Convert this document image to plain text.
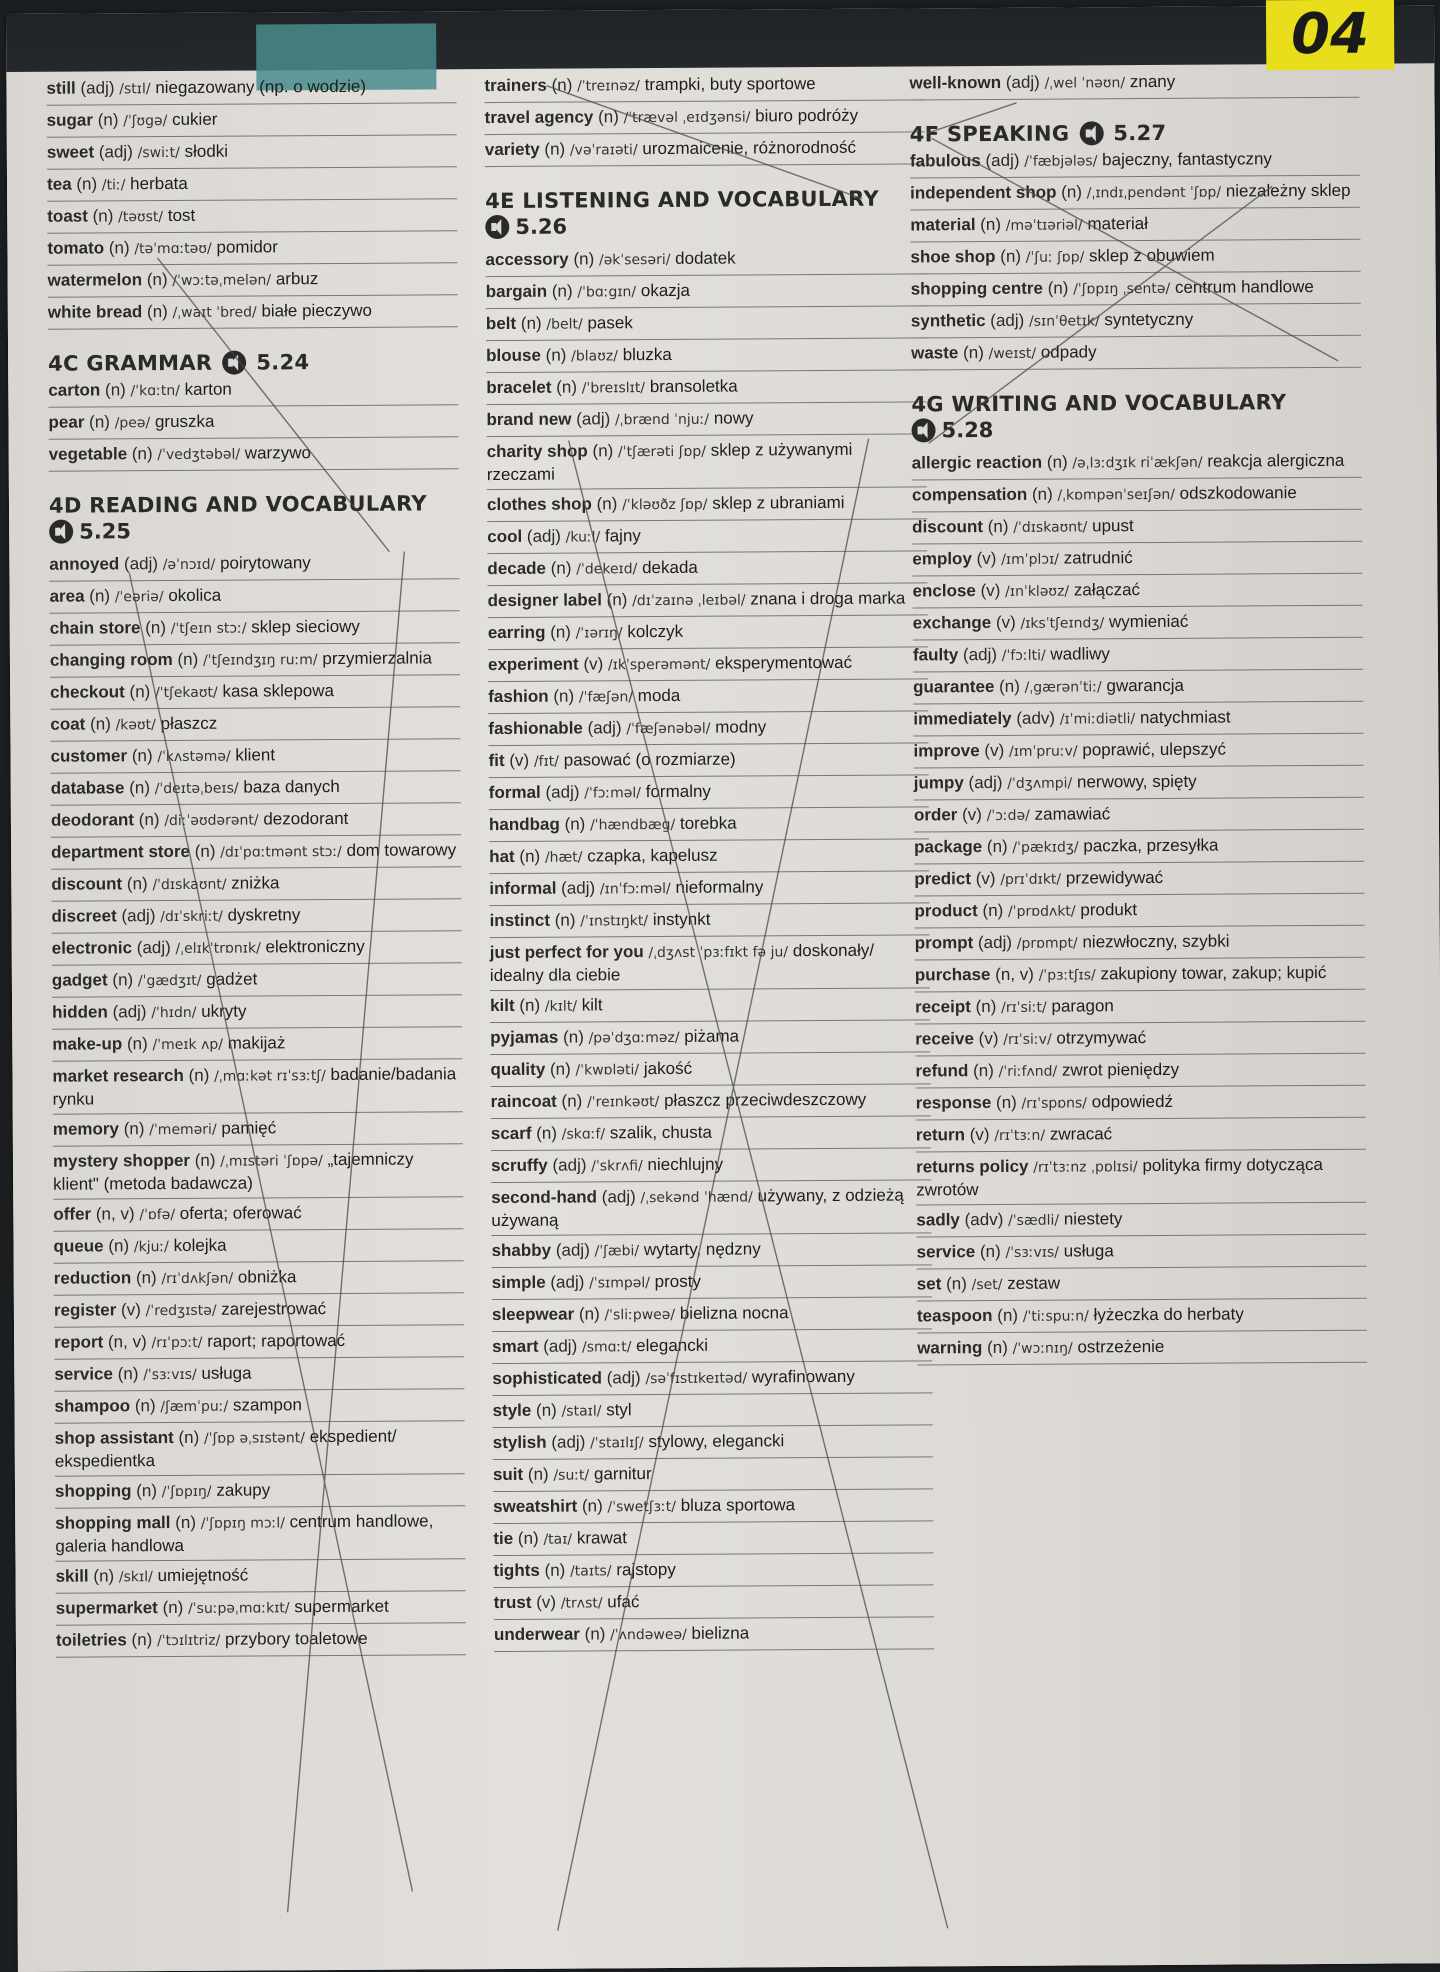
04
still (adj) /stɪl/ niegazowany (np. o wodzie)
sugar (n) /ˈʃʊgə/ cukier
sweet (adj) /swiːt/ słodki
tea (n) /tiː/ herbata
toast (n) /təʊst/ tost
tomato (n) /təˈmɑːtəʊ/ pomidor
watermelon (n) /ˈwɔːtəˌmelən/ arbuz
white bread (n) /ˌwaɪt ˈbred/ białe pieczywo
4C GRAMMAR 5.24
carton (n) /ˈkɑːtn/ karton
pear (n) /peə/ gruszka
vegetable (n) /ˈvedʒtəbəl/ warzywo
4D READING AND VOCABULARY
5.25
annoyed (adj) /əˈnɔɪd/ poirytowany
area (n) /ˈeəriə/ okolica
chain store (n) /ˈtʃeɪn stɔː/ sklep sieciowy
changing room (n) /ˈtʃeɪndʒɪŋ ruːm/ przymierzalnia
checkout (n) /ˈtʃekaʊt/ kasa sklepowa
coat (n) /kəʊt/ płaszcz
customer (n) /ˈkʌstəmə/ klient
database (n) /ˈdeɪtəˌbeɪs/ baza danych
deodorant (n) /diːˈəʊdərənt/ dezodorant
department store (n) /dɪˈpɑːtmənt stɔː/ dom towarowy
discount (n) /ˈdɪskaʊnt/ zniżka
discreet (adj) /dɪˈskriːt/ dyskretny
electronic (adj) /ˌelɪkˈtrɒnɪk/ elektroniczny
gadget (n) /ˈgædʒɪt/ gadżet
hidden (adj) /ˈhɪdn/ ukryty
make-up (n) /ˈmeɪk ʌp/ makijaż
market research (n) /ˌmɑːkət rɪˈsɜːtʃ/ badanie/badania rynku
memory (n) /ˈmeməri/ pamięć
mystery shopper (n) /ˌmɪstəri ˈʃɒpə/ „tajemniczy klient" (metoda badawcza)
offer (n, v) /ˈɒfə/ oferta; oferować
queue (n) /kjuː/ kolejka
reduction (n) /rɪˈdʌkʃən/ obniżka
register (v) /ˈredʒɪstə/ zarejestrować
report (n, v) /rɪˈpɔːt/ raport; raportować
service (n) /ˈsɜːvɪs/ usługa
shampoo (n) /ʃæmˈpuː/ szampon
shop assistant (n) /ˈʃɒp əˌsɪstənt/ ekspedient/ ekspedientka
shopping (n) /ˈʃɒpɪŋ/ zakupy
shopping mall (n) /ˈʃɒpɪŋ mɔːl/ centrum handlowe, galeria handlowa
skill (n) /skɪl/ umiejętność
supermarket (n) /ˈsuːpəˌmɑːkɪt/ supermarket
toiletries (n) /ˈtɔɪlɪtriz/ przybory toaletowe
trainers (n) /ˈtreɪnəz/ trampki, buty sportowe
travel agency (n) /ˈtrævəl ˌeɪdʒənsi/ biuro podróży
variety (n) /vəˈraɪəti/ urozmaicenie, różnorodność
4E LISTENING AND VOCABULARY
5.26
accessory (n) /əkˈsesəri/ dodatek
bargain (n) /ˈbɑːgɪn/ okazja
belt (n) /belt/ pasek
blouse (n) /blaʊz/ bluzka
bracelet (n) /ˈbreɪslɪt/ bransoletka
brand new (adj) /ˌbrænd ˈnjuː/ nowy
charity shop (n) /ˈtʃærəti ʃɒp/ sklep z używanymi rzeczami
clothes shop (n) /ˈkləʊðz ʃɒp/ sklep z ubraniami
cool (adj) /kuːl/ fajny
decade (n) /ˈdekeɪd/ dekada
designer label (n) /dɪˈzaɪnə ˌleɪbəl/ znana i droga marka
earring (n) /ˈɪərɪŋ/ kolczyk
experiment (v) /ɪkˈsperəmənt/ eksperymentować
fashion (n) /ˈfæʃən/ moda
fashionable (adj) /ˈfæʃənəbəl/ modny
fit (v) /fɪt/ pasować (o rozmiarze)
formal (adj) /ˈfɔːməl/ formalny
handbag (n) /ˈhændbæg/ torebka
hat (n) /hæt/ czapka, kapelusz
informal (adj) /ɪnˈfɔːməl/ nieformalny
instinct (n) /ˈɪnstɪŋkt/ instynkt
just perfect for you /ˌdʒʌst ˈpɜːfɪkt fə ju/ doskonały/ idealny dla ciebie
kilt (n) /kɪlt/ kilt
pyjamas (n) /pəˈdʒɑːməz/ piżama
quality (n) /ˈkwɒləti/ jakość
raincoat (n) /ˈreɪnkəʊt/ płaszcz przeciwdeszczowy
scarf (n) /skɑːf/ szalik, chusta
scruffy (adj) /ˈskrʌfi/ niechlujny
second-hand (adj) /ˌsekənd ˈhænd/ używany, z odzieżą używaną
shabby (adj) /ˈʃæbi/ wytarty, nędzny
simple (adj) /ˈsɪmpəl/ prosty
sleepwear (n) /ˈsliːpweə/ bielizna nocna
smart (adj) /smɑːt/ elegancki
sophisticated (adj) /səˈfɪstɪkeɪtəd/ wyrafinowany
style (n) /staɪl/ styl
stylish (adj) /ˈstaɪlɪʃ/ stylowy, elegancki
suit (n) /suːt/ garnitur
sweatshirt (n) /ˈswetʃɜːt/ bluza sportowa
tie (n) /taɪ/ krawat
tights (n) /taɪts/ rajstopy
trust (v) /trʌst/ ufać
underwear (n) /ˈʌndəweə/ bielizna
well-known (adj) /ˌwel ˈnəʊn/ znany
4F SPEAKING 5.27
fabulous (adj) /ˈfæbjələs/ bajeczny, fantastyczny
independent shop (n) /ˌɪndɪˌpendənt ˈʃɒp/ niezależny sklep
material (n) /məˈtɪəriəl/ materiał
shoe shop (n) /ˈʃuː ʃɒp/ sklep z obuwiem
shopping centre (n) /ˈʃɒpɪŋ ˌsentə/ centrum handlowe
synthetic (adj) /sɪnˈθetɪk/ syntetyczny
waste (n) /weɪst/ odpady
4G WRITING AND VOCABULARY
5.28
allergic reaction (n) /əˌlɜːdʒɪk riˈækʃən/ reakcja alergiczna
compensation (n) /ˌkɒmpənˈseɪʃən/ odszkodowanie
discount (n) /ˈdɪskaʊnt/ upust
employ (v) /ɪmˈplɔɪ/ zatrudnić
enclose (v) /ɪnˈkləʊz/ załączać
exchange (v) /ɪksˈtʃeɪndʒ/ wymieniać
faulty (adj) /ˈfɔːlti/ wadliwy
guarantee (n) /ˌgærənˈtiː/ gwarancja
immediately (adv) /ɪˈmiːdiətli/ natychmiast
improve (v) /ɪmˈpruːv/ poprawić, ulepszyć
jumpy (adj) /ˈdʒʌmpi/ nerwowy, spięty
order (v) /ˈɔːdə/ zamawiać
package (n) /ˈpækɪdʒ/ paczka, przesyłka
predict (v) /prɪˈdɪkt/ przewidywać
product (n) /ˈprɒdʌkt/ produkt
prompt (adj) /prɒmpt/ niezwłoczny, szybki
purchase (n, v) /ˈpɜːtʃɪs/ zakupiony towar, zakup; kupić
receipt (n) /rɪˈsiːt/ paragon
receive (v) /rɪˈsiːv/ otrzymywać
refund (n) /ˈriːfʌnd/ zwrot pieniędzy
response (n) /rɪˈspɒns/ odpowiedź
return (v) /rɪˈtɜːn/ zwracać
returns policy /rɪˈtɜːnz ˌpɒlɪsi/ polityka firmy dotycząca zwrotów
sadly (adv) /ˈsædli/ niestety
service (n) /ˈsɜːvɪs/ usługa
set (n) /set/ zestaw
teaspoon (n) /ˈtiːspuːn/ łyżeczka do herbaty
warning (n) /ˈwɔːnɪŋ/ ostrzeżenie
